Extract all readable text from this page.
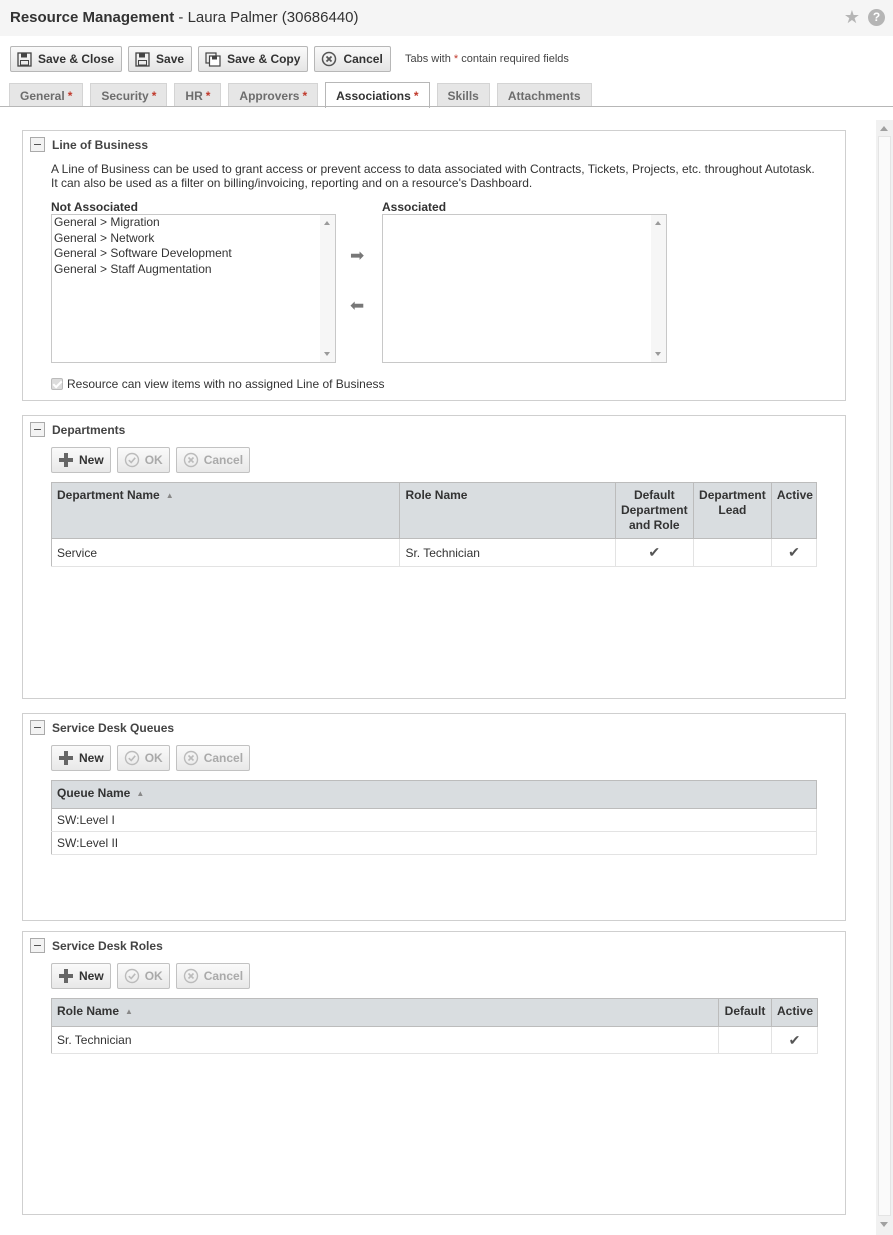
Resource Management - Laura Palmer (30686440)	★	?
Save & Close	Save	Save & Copy	Cancel Tabs with * contain required fields
General * Security * HR * Approvers * Associations * Skills Attachments
Line of Business
A Line of Business can be used to grant access or prevent access to data associated with Contracts, Tickets, Projects, etc. throughout Autotask.
It can also be used as a filter on billing/invoicing, reporting and on a resource's Dashboard.
Not Associated	Associated
General > Migration
General > Network
General > Software Development
General > Staff Augmentation
➡
⬅
Resource can view items with no assigned Line of Business
Departments
New	OK	Cancel
Department Name ▲	Role Name	Default Department and Role	Department Lead	Active
Service	Sr. Technician	✔		✔
Service Desk Queues
New	OK	Cancel
Queue Name ▲
SW:Level I
SW:Level II
Service Desk Roles
New	OK	Cancel
Role Name ▲	Default	Active
Sr. Technician		✔
